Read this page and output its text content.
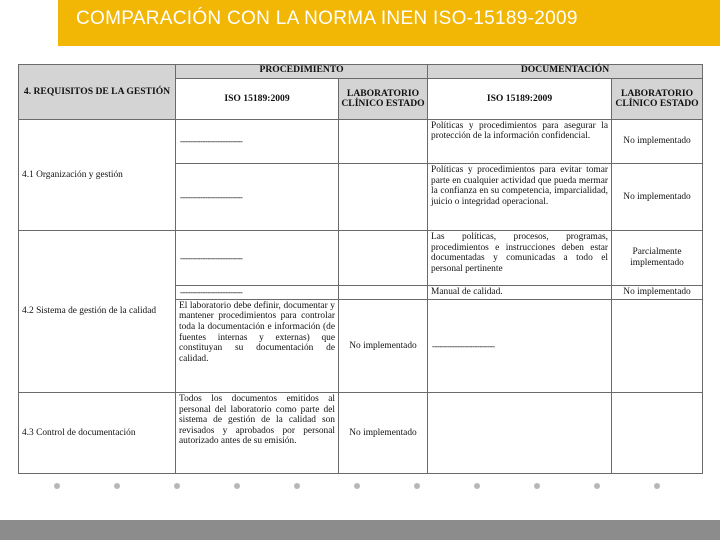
COMPARACIÓN CON LA NORMA INEN ISO-15189-2009
4. REQUISITOS DE LA GESTIÓN	PROCEDIMIENTO		DOCUMENTACIÓN	
	ISO 15189:2009	LABORATORIO CLÍNICO ESTADO	ISO 15189:2009	LABORATORIO CLÍNICO ESTADO
4.1 Organización y gestión	-------------------------		Políticas y procedimientos para asegurar la protección de la información confidencial.	No implementado
	-------------------------		Políticas y procedimientos para evitar tomar parte en cualquier actividad que pueda mermar la confianza en su competencia, imparcialidad, juicio o integridad operacional.	No implementado
4.2 Sistema de gestión de la calidad	-------------------------		Las políticas, procesos, programas, procedimientos e instrucciones deben estar documentadas y comunicadas a todo el personal pertinente	Parcialmente implementado
	-------------------------		Manual de calidad.	No implementado
	El laboratorio debe definir, documentar y mantener procedimientos para controlar toda la documentación e información (de fuentes internas y externas) que constituyan su documentación de calidad.	No implementado	-------------------------	
4.3 Control de documentación	Todos los documentos emitidos al personal del laboratorio como parte del sistema de gestión de la calidad son revisados y aprobados por personal autorizado antes de su emisión.	No implementado		
